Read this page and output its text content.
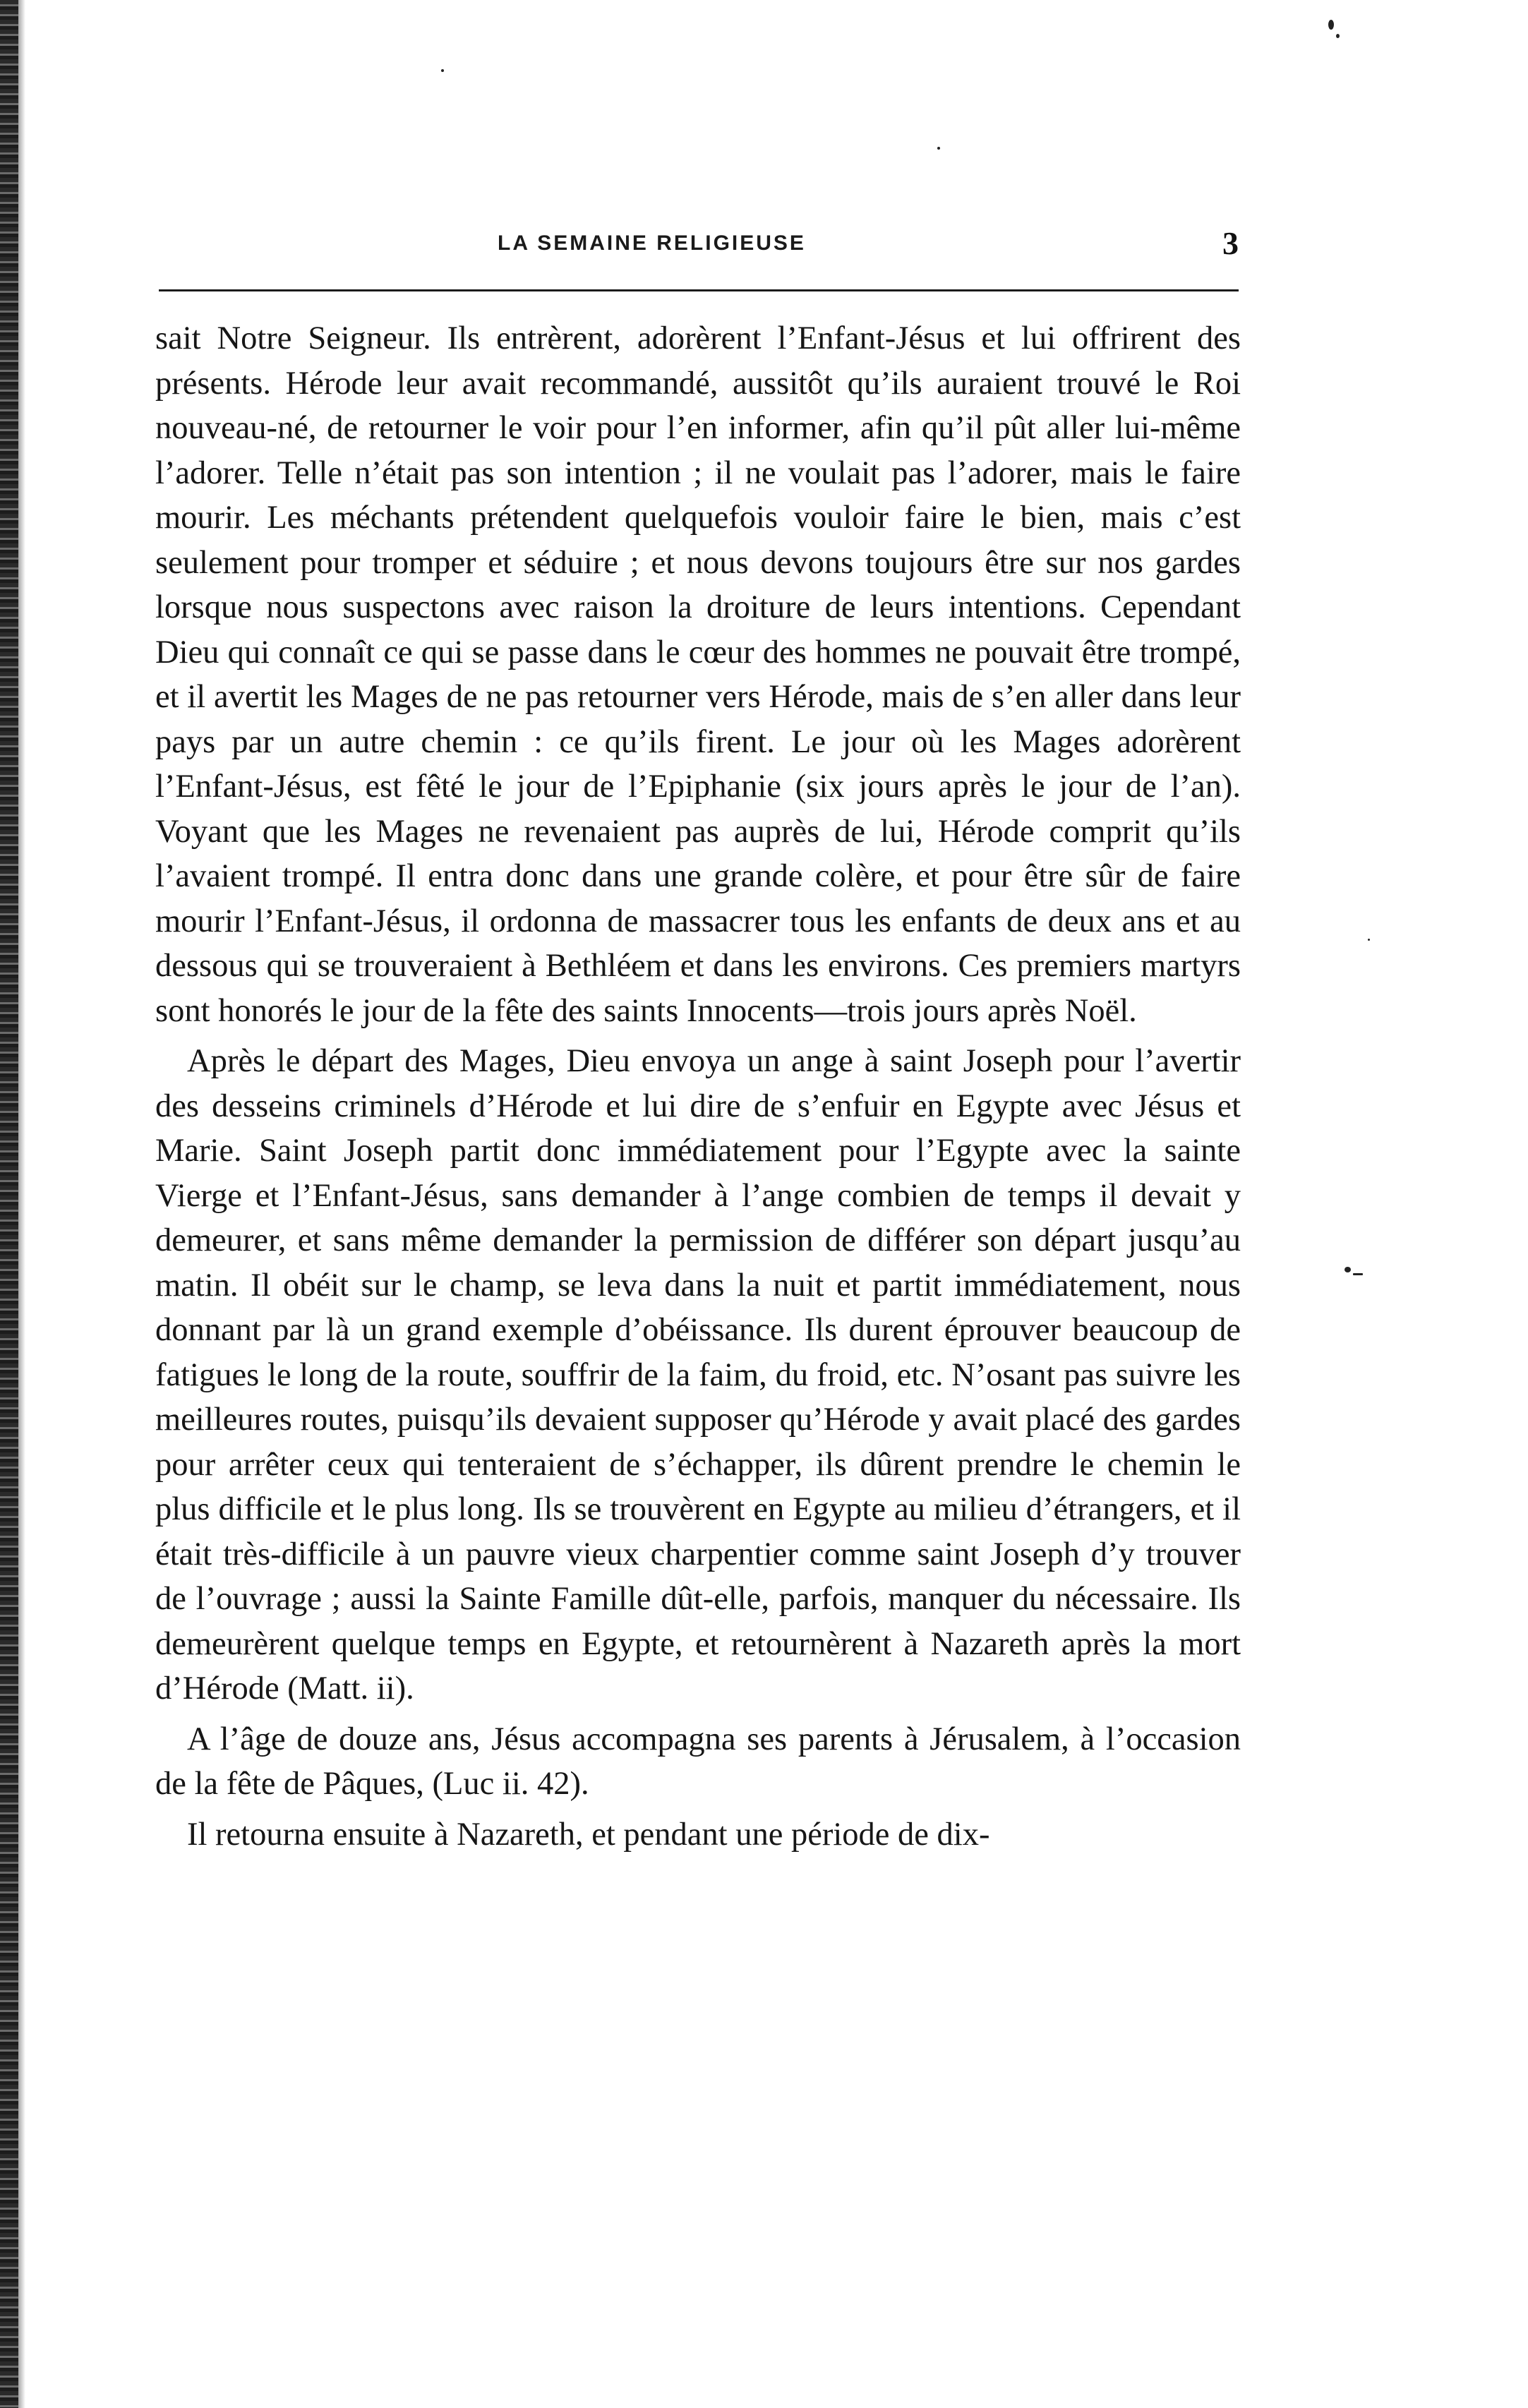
LA SEMAINE RELIGIEUSE	3

sait Notre Seigneur. Ils entrèrent, adorèrent l’Enfant-Jésus et lui offrirent des présents. Hérode leur avait recommandé, aussitôt qu’ils auraient trouvé le Roi nouveau-né, de retourner le voir pour l’en informer, afin qu’il pût aller lui-même l’adorer. Telle n’était pas son intention ; il ne voulait pas l’adorer, mais le faire mourir. Les méchants prétendent quelquefois vouloir faire le bien, mais c’est seulement pour tromper et séduire ; et nous devons toujours être sur nos gardes lorsque nous suspectons avec raison la droiture de leurs intentions. Cependant Dieu qui connaît ce qui se passe dans le cœur des hommes ne pouvait être trompé, et il avertit les Mages de ne pas retourner vers Hérode, mais de s’en aller dans leur pays par un autre chemin : ce qu’ils firent. Le jour où les Mages adorèrent l’Enfant-Jésus, est fêté le jour de l’Epiphanie (six jours après le jour de l’an). Voyant que les Mages ne revenaient pas auprès de lui, Hérode comprit qu’ils l’avaient trompé. Il entra donc dans une grande colère, et pour être sûr de faire mourir l’Enfant-Jésus, il ordonna de massacrer tous les enfants de deux ans et au dessous qui se trouveraient à Bethléem et dans les environs. Ces premiers martyrs sont honorés le jour de la fête des saints Innocents—trois jours après Noël.

Après le départ des Mages, Dieu envoya un ange à saint Joseph pour l’avertir des desseins criminels d’Hérode et lui dire de s’enfuir en Egypte avec Jésus et Marie. Saint Joseph partit donc immédiatement pour l’Egypte avec la sainte Vierge et l’Enfant-Jésus, sans demander à l’ange combien de temps il devait y demeurer, et sans même demander la permission de différer son départ jusqu’au matin. Il obéit sur le champ, se leva dans la nuit et partit immédiatement, nous donnant par là un grand exemple d’obéissance. Ils durent éprouver beaucoup de fatigues le long de la route, souffrir de la faim, du froid, etc. N’osant pas suivre les meilleures routes, puisqu’ils devaient supposer qu’Hérode y avait placé des gardes pour arrêter ceux qui tenteraient de s’échapper, ils dûrent prendre le chemin le plus difficile et le plus long. Ils se trouvèrent en Egypte au milieu d’étrangers, et il était très-difficile à un pauvre vieux charpentier comme saint Joseph d’y trouver de l’ouvrage ; aussi la Sainte Famille dût-elle, parfois, manquer du nécessaire. Ils demeurèrent quelque temps en Egypte, et retournèrent à Nazareth après la mort d’Hérode (Matt. ii).

A l’âge de douze ans, Jésus accompagna ses parents à Jérusalem, à l’occasion de la fête de Pâques, (Luc ii. 42).

Il retourna ensuite à Nazareth, et pendant une période de dix-
